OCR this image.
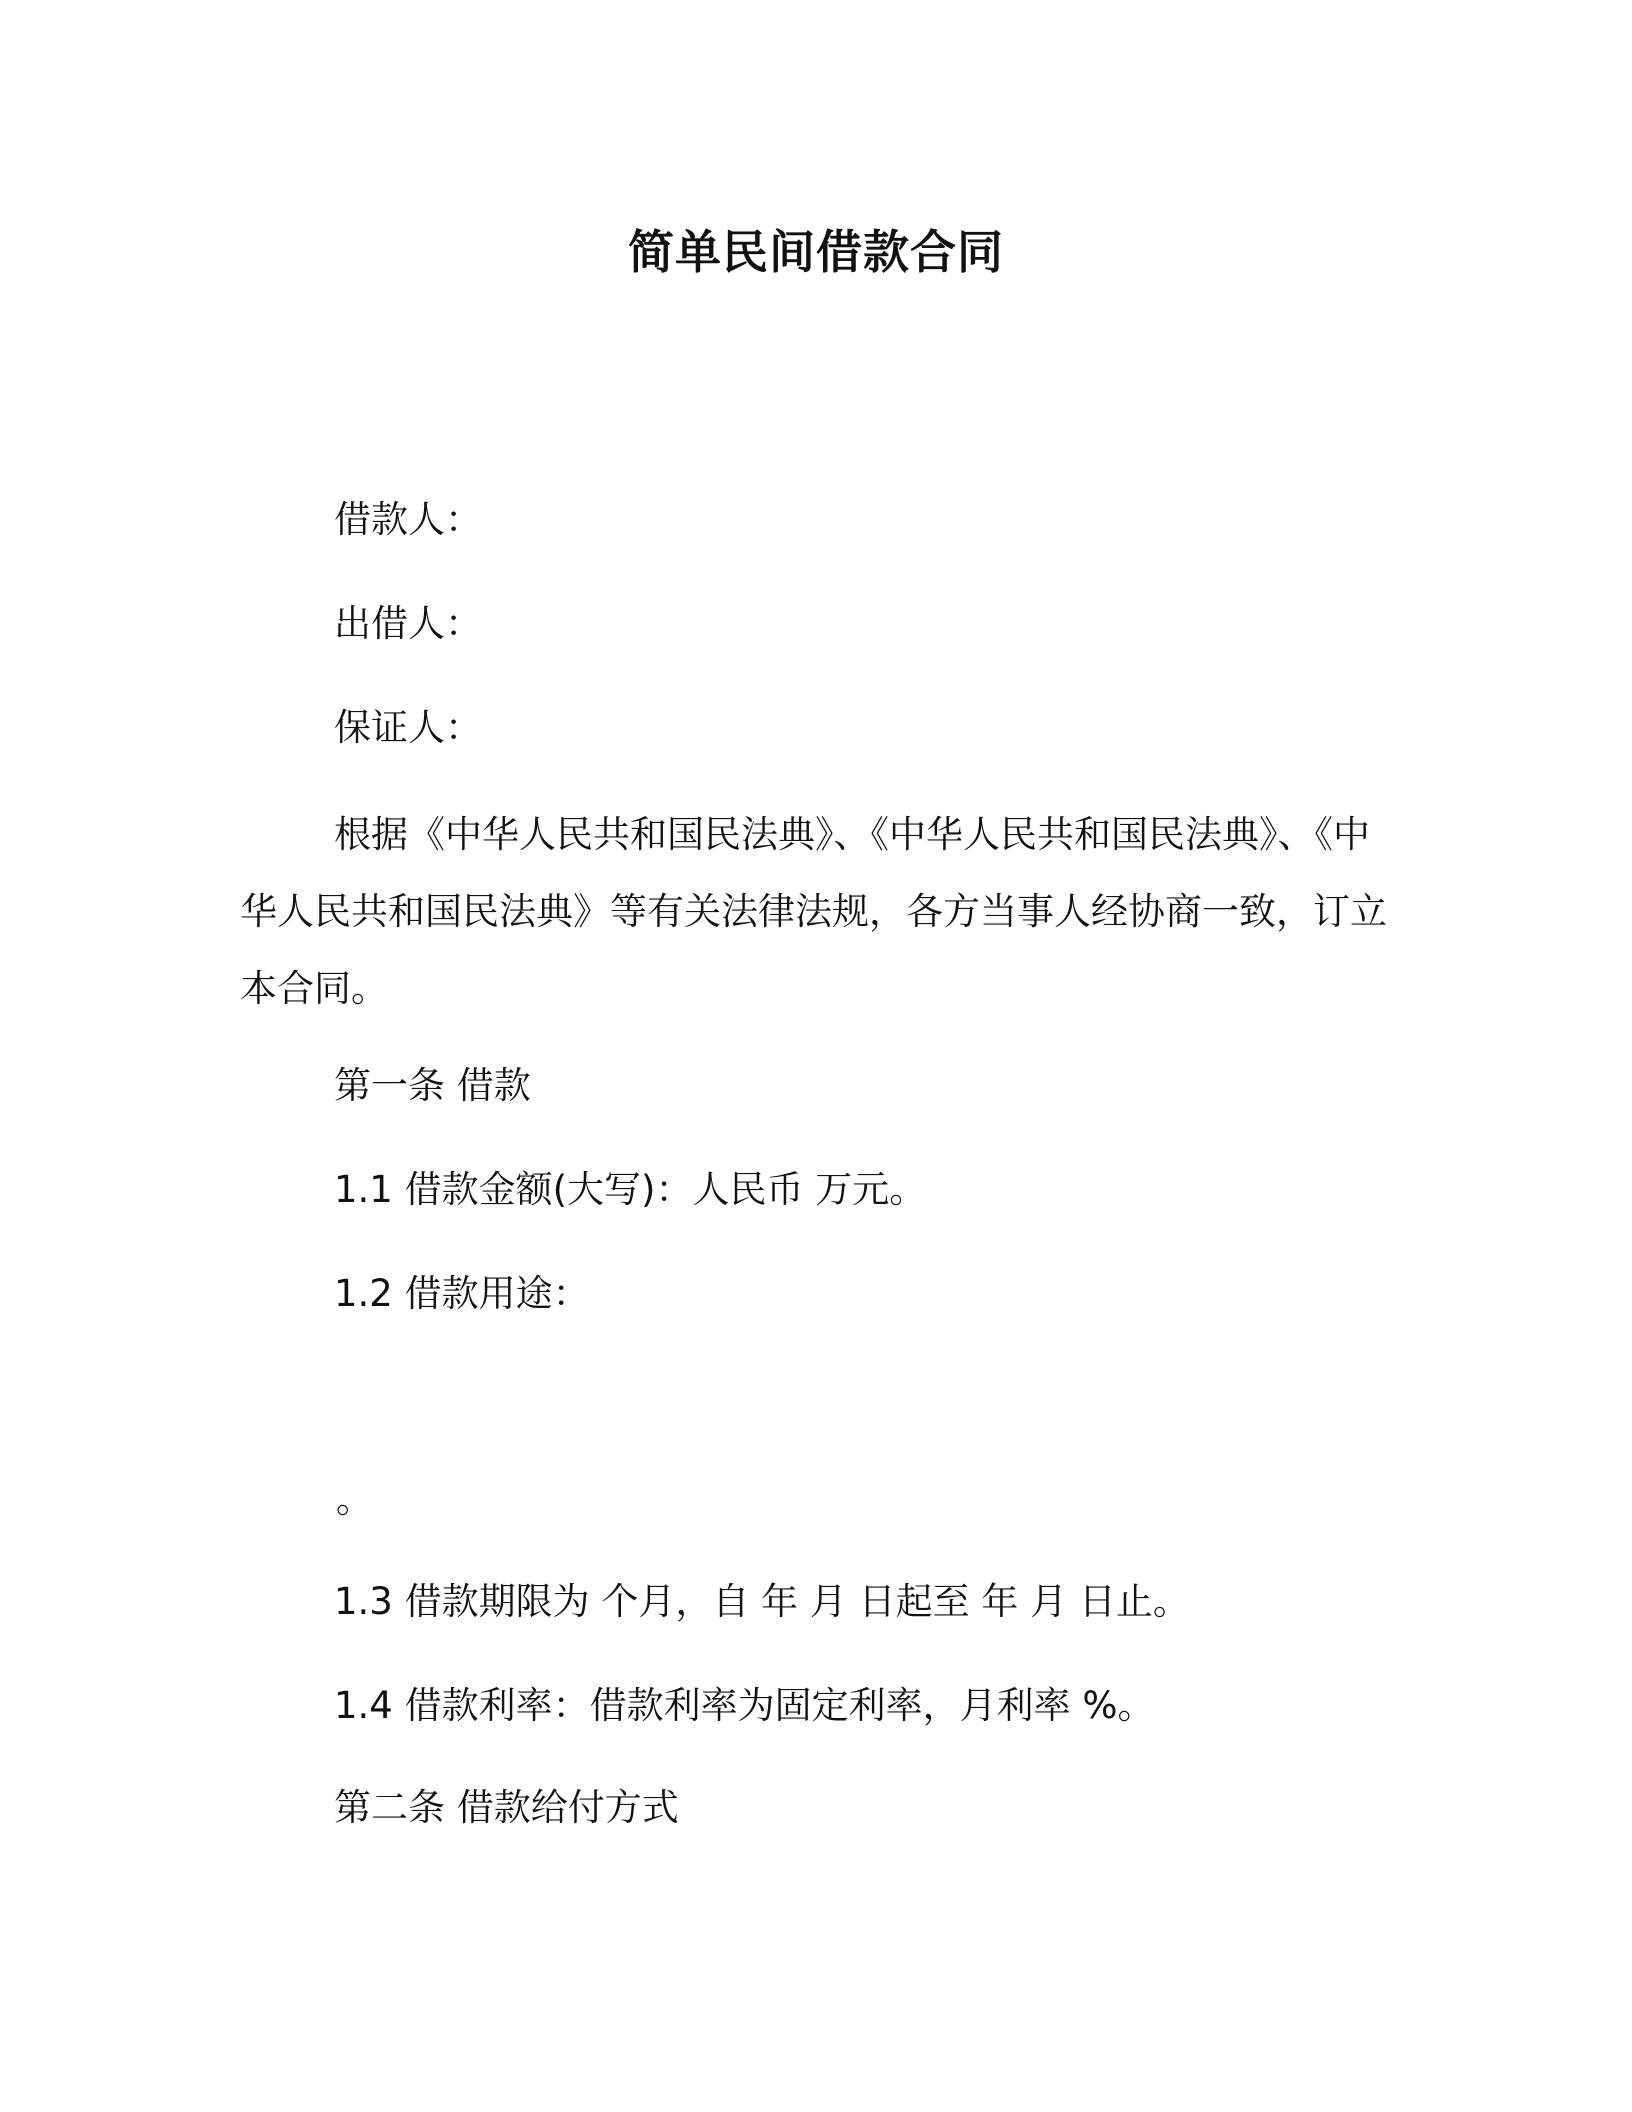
简单民间借款合同
借款人：
出借人：
保证人：

根据《中华人民共和国民法典》、《中华人民共和国民法典》、《中华人民共和国民法典》等有关法律法规，各方当事人经协商一致，订立本合同。

第一条 借款
1.1 借款金额(大写)：人民币 万元。
1.2 借款用途：
。
1.3 借款期限为 个月，自 年 月 日起至 年 月 日止。
1.4 借款利率：借款利率为固定利率，月利率 %。
第二条 借款给付方式
